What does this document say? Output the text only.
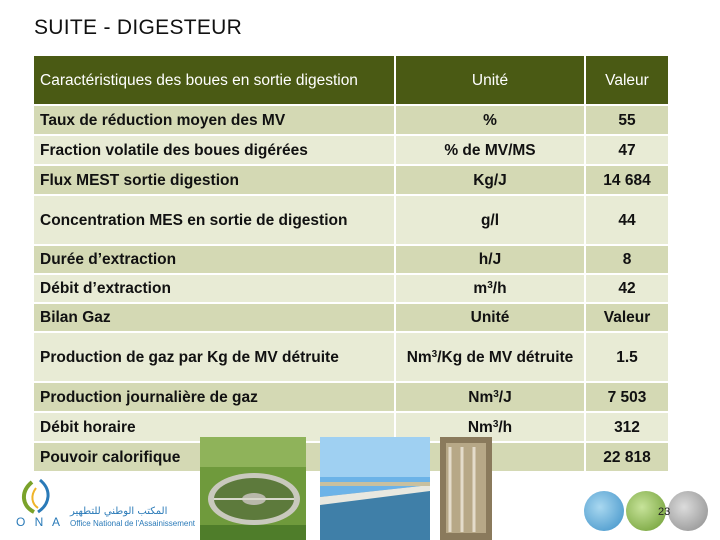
SUITE - DIGESTEUR
Caractéristiques des boues en sortie digestion	Unité	Valeur
Taux de réduction moyen des MV	%	55
Fraction volatile des boues digérées	% de MV/MS	47
Flux MEST sortie digestion	Kg/J	14 684
Concentration MES en sortie de digestion	g/l	44
Durée d’extraction	h/J	8
Débit d’extraction	$m^3/h$	42
Bilan Gaz	Unité	Valeur
Production de gaz par Kg de MV détruite	Nm$^3$/Kg de MV détruite	1.5
Production journalière de gaz	Nm$^3$/J	7 503
Débit horaire	Nm$^3$/h	312
Pouvoir calorifique		22 818
23
O N A
المكتب الوطني للتطهير
Office National de l'Assainissement
